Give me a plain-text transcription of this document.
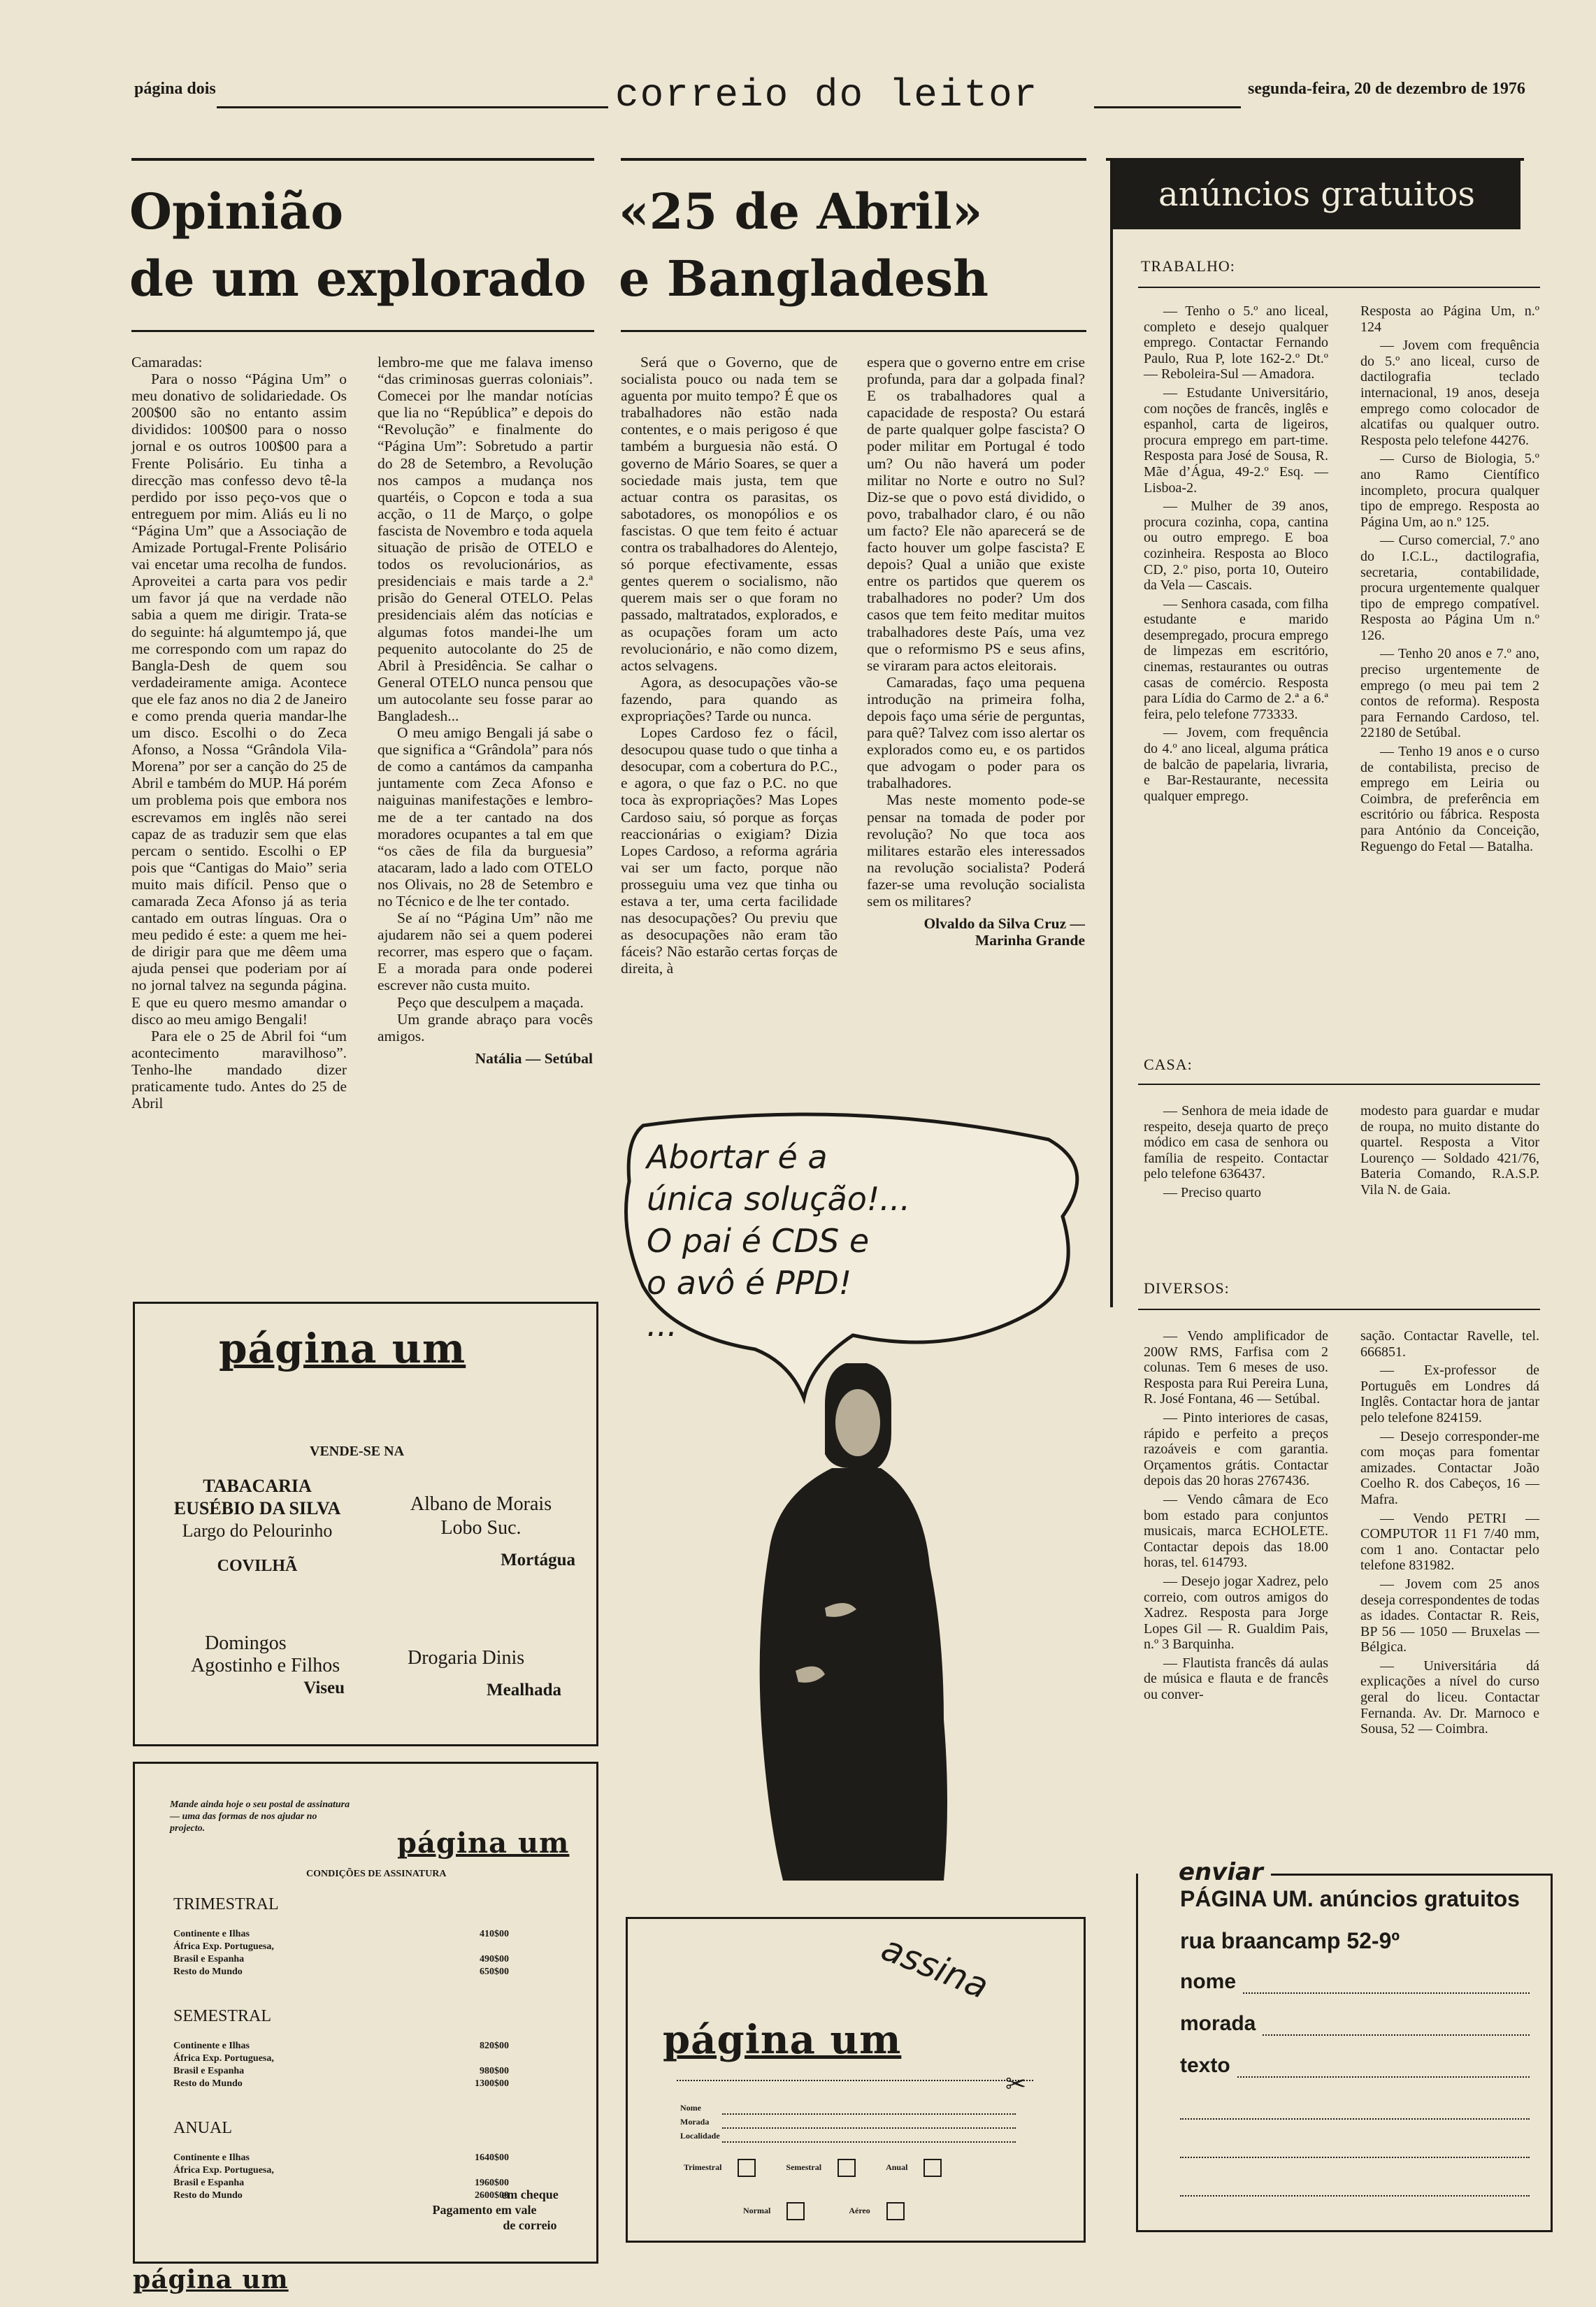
página dois	correio do leitor	segunda-feira, 20 de dezembro de 1976
Opinião
de um explorado

Camaradas:

Para o nosso “Página Um” o meu donativo de solidariedade. Os 200$00 são no entanto assim divididos: 100$00 para o nosso jornal e os outros 100$00 para a Frente Polisário. Eu tinha a direcção mas confesso devo tê-la perdido por isso peço-vos que o entreguem por mim. Aliás eu li no “Página Um” que a Associação de Amizade Portugal-Frente Polisário vai encetar uma recolha de fundos. Aproveitei a carta para vos pedir um favor já que na verdade não sabia a quem me dirigir. Trata-se do seguinte: há algumtempo já, que me correspondo com um rapaz do Bangla-Desh de quem sou verdadeiramente amiga. Acontece que ele faz anos no dia 2 de Janeiro e como prenda queria mandar-lhe um disco. Escolhi o do Zeca Afonso, a Nossa “Grândola Vila-Morena” por ser a canção do 25 de Abril e também do MUP. Há porém um problema pois que embora nos escrevamos em inglês não serei capaz de as traduzir sem que elas percam o sentido. Escolhi o EP pois que “Cantigas do Maio” seria muito mais difícil. Penso que o camarada Zeca Afonso já as teria cantado em outras línguas. Ora o meu pedido é este: a quem me hei-de dirigir para que me dêem uma ajuda pensei que poderiam por aí no jornal talvez na segunda página. E que eu quero mesmo amandar o disco ao meu amigo Bengali!

Para ele o 25 de Abril foi “um acontecimento maravilhoso”. Tenho-lhe mandado dizer praticamente tudo. Antes do 25 de Abril

lembro-me que me falava imenso “das criminosas guerras coloniais”. Comecei por lhe mandar notícias que lia no “República” e depois do “Revolução” e finalmente do “Página Um”: Sobretudo a partir do 28 de Setembro, a Revolução nos campos a mudança nos quartéis, o Copcon e toda a sua acção, o 11 de Março, o golpe fascista de Novembro e toda aquela situação de prisão de OTELO e todos os revolucionários, as presidenciais e mais tarde a 2.ª prisão do General OTELO. Pelas presidenciais além das notícias e algumas fotos mandei-lhe um pequenito autocolante do 25 de Abril à Presidência. Se calhar o General OTELO nunca pensou que um autocolante seu fosse parar ao Bangladesh...

O meu amigo Bengali já sabe o que significa a “Grândola” para nós de como a cantámos da campanha juntamente com Zeca Afonso e naiguinas manifestações e lembro-me de a ter cantado na dos moradores ocupantes a tal em que “os cães de fila da burguesia” atacaram, lado a lado com OTELO nos Olivais, no 28 de Setembro e no Técnico e de lhe ter contado.

Se aí no “Página Um” não me ajudarem não sei a quem poderei recorrer, mas espero que o façam. E a morada para onde poderei escrever não custa muito.

Peço que desculpem a maçada.

Um grande abraço para vocês amigos.

Natália — Setúbal

«25 de Abril»
e Bangladesh

Será que o Governo, que de socialista pouco ou nada tem se aguenta por muito tempo? É que os trabalhadores não estão nada contentes, e o mais perigoso é que também a burguesia não está. O governo de Mário Soares, se quer a sociedade mais justa, tem que actuar contra os parasitas, os sabotadores, os monopólios e os fascistas. O que tem feito é actuar contra os trabalhadores do Alentejo, só porque efectivamente, essas gentes querem o socialismo, não querem mais ser o que foram no passado, maltratados, explorados, e as ocupações foram um acto revolucionário, e não como dizem, actos selvagens.

Agora, as desocupações vão-se fazendo, para quando as expropriações? Tarde ou nunca.

Lopes Cardoso fez o fácil, desocupou quase tudo o que tinha a desocupar, com a cobertura do P.C., e agora, o que faz o P.C. no que toca às expropriações? Mas Lopes Cardoso saiu, só porque as forças reaccionárias o exigiam? Dizia Lopes Cardoso, a reforma agrária vai ser um facto, porque não prosseguiu uma vez que tinha ou estava a ter, uma certa facilidade nas desocupações? Ou previu que as desocupações não eram tão fáceis? Não estarão certas forças de direita, à

espera que o governo entre em crise profunda, para dar a golpada final? E os trabalhadores qual a capacidade de resposta? Ou estará de parte qualquer golpe fascista? O poder militar em Portugal é todo um? Ou não haverá um poder militar no Norte e outro no Sul? Diz-se que o povo está dividido, o povo, trabalhador claro, é ou não um facto? Ele não aparecerá se de facto houver um golpe fascista? E depois? Qual a união que existe entre os partidos que querem os trabalhadores no poder? Um dos casos que tem feito meditar muitos trabalhadores deste País, uma vez que o reformismo PS e seus afins, se viraram para actos eleitorais.

Camaradas, faço uma pequena introdução na primeira folha, depois faço uma série de perguntas, para quê? Talvez com isso alertar os explorados como eu, e os partidos que advogam o poder para os trabalhadores.

Mas neste momento pode-se pensar na tomada de poder por revolução? No que toca aos militares estarão eles interessados na revolução socialista? Poderá fazer-se uma revolução socialista sem os militares?

Olvaldo da Silva Cruz —

Marinha Grande

página um
VENDE-SE NA
TABACARIA
EUSÉBIO DA SILVA
Largo do Pelourinho
COVILHÃ
Albano de Morais
Lobo Suc.
Mortágua
Domingos
Agostinho e Filhos
Viseu
Drogaria Dinis
Mealhada
Mande ainda hoje o seu postal de assinatura — uma das formas de nos ajudar no projecto.	página um
CONDIÇÕES DE ASSINATURA
TRIMESTRAL
Continente e Ilhas	410$00
África Exp. Portuguesa,
Brasil e Espanha	490$00
Resto do Mundo	650$00
SEMESTRAL
Continente e Ilhas	820$00
África Exp. Portuguesa,
Brasil e Espanha	980$00
Resto do Mundo	1300$00
ANUAL
Continente e Ilhas	1640$00
África Exp. Portuguesa,
Brasil e Espanha	1960$00
Resto do Mundo	2600$00
em cheque
Pagamento em vale
de correio
Abortar é a
única solução!...
O pai é CDS e
o avô é PPD!
...
assina
✂
página um
Nome
Morada
Localidade
Trimestral	Semestral	Anual
Normal	Aéreo
anúncios gratuitos
TRABALHO:

— Tenho o 5.º ano liceal, completo e desejo qualquer emprego. Contactar Fernando Paulo, Rua P, lote 162-2.º Dt.º — Reboleira-Sul — Amadora.

— Estudante Universitário, com noções de francês, inglês e espanhol, carta de ligeiros, procura emprego em part-time. Resposta para José de Sousa, R. Mãe d’Água, 49-2.º Esq. — Lisboa-2.

— Mulher de 39 anos, procura cozinha, copa, cantina ou outro emprego. E boa cozinheira. Resposta ao Bloco CD, 2.º piso, porta 10, Outeiro da Vela — Cascais.

— Senhora casada, com filha estudante e marido desempregado, procura emprego de limpezas em escritório, cinemas, restaurantes ou outras casas de comércio. Resposta para Lídia do Carmo de 2.ª a 6.ª feira, pelo telefone 773333.

— Jovem, com frequência do 4.º ano liceal, alguma prática de balcão de papelaria, livraria, e Bar-Restaurante, necessita qualquer emprego.

Resposta ao Página Um, n.º 124

— Jovem com frequência do 5.º ano liceal, curso de dactilografia teclado internacional, 19 anos, deseja emprego como colocador de alcatifas ou qualquer outro. Resposta pelo telefone 44276.

— Curso de Biologia, 5.º ano Ramo Científico incompleto, procura qualquer tipo de emprego. Resposta ao Página Um, ao n.º 125.

— Curso comercial, 7.º ano do I.C.L., dactilografia, secretaria, contabilidade, procura urgentemente qualquer tipo de emprego compatível. Resposta ao Página Um n.º 126.

— Tenho 20 anos e 7.º ano, preciso urgentemente de emprego (o meu pai tem 2 contos de reforma). Resposta para Fernando Cardoso, tel. 22180 de Setúbal.

— Tenho 19 anos e o curso de contabilista, preciso de emprego em Leiria ou Coimbra, de preferência em escritório ou fábrica. Resposta para António da Conceição, Reguengo do Fetal — Batalha.

CASA:

— Senhora de meia idade de respeito, deseja quarto de preço módico em casa de senhora ou família de respeito. Contactar pelo telefone 636437.

— Preciso quarto

modesto para guardar e mudar de roupa, no muito distante do quartel. Resposta a Vitor Lourenço — Soldado 421/76, Bateria Comando, R.A.S.P. Vila N. de Gaia.

DIVERSOS:

— Vendo amplificador de 200W RMS, Farfisa com 2 colunas. Tem 6 meses de uso. Resposta para Rui Pereira Luna, R. José Fontana, 46 — Setúbal.

— Pinto interiores de casas, rápido e perfeito a preços razoáveis e com garantia. Orçamentos grátis. Contactar depois das 20 horas 2767436.

— Vendo câmara de Eco bom estado para conjuntos musicais, marca ECHOLETE. Contactar depois das 18.00 horas, tel. 614793.

— Desejo jogar Xadrez, pelo correio, com outros amigos do Xadrez. Resposta para Jorge Lopes Gil — R. Gualdim Pais, n.º 3 Barquinha.

— Flautista francês dá aulas de música e flauta e de francês ou conver-

sação. Contactar Ravelle, tel. 666851.

— Ex-professor de Português em Londres dá Inglês. Contactar hora de jantar pelo telefone 824159.

— Desejo corresponder-me com moças para fomentar amizades. Contactar João Coelho R. dos Cabeços, 16 — Mafra.

— Vendo PETRI — COMPUTOR 11 F1 7/40 mm, com 1 ano. Contactar pelo telefone 831982.

— Jovem com 25 anos deseja correspondentes de todas as idades. Contactar R. Reis, BP 56 — 1050 — Bruxelas — Bélgica.

— Universitária dá explicações a nível do curso geral do liceu. Contactar Fernanda. Av. Dr. Marnoco e Sousa, 52 — Coimbra.

enviar
PÁGINA UM. anúncios gratuitos
rua braancamp 52-9º
nome
morada
texto
página um
